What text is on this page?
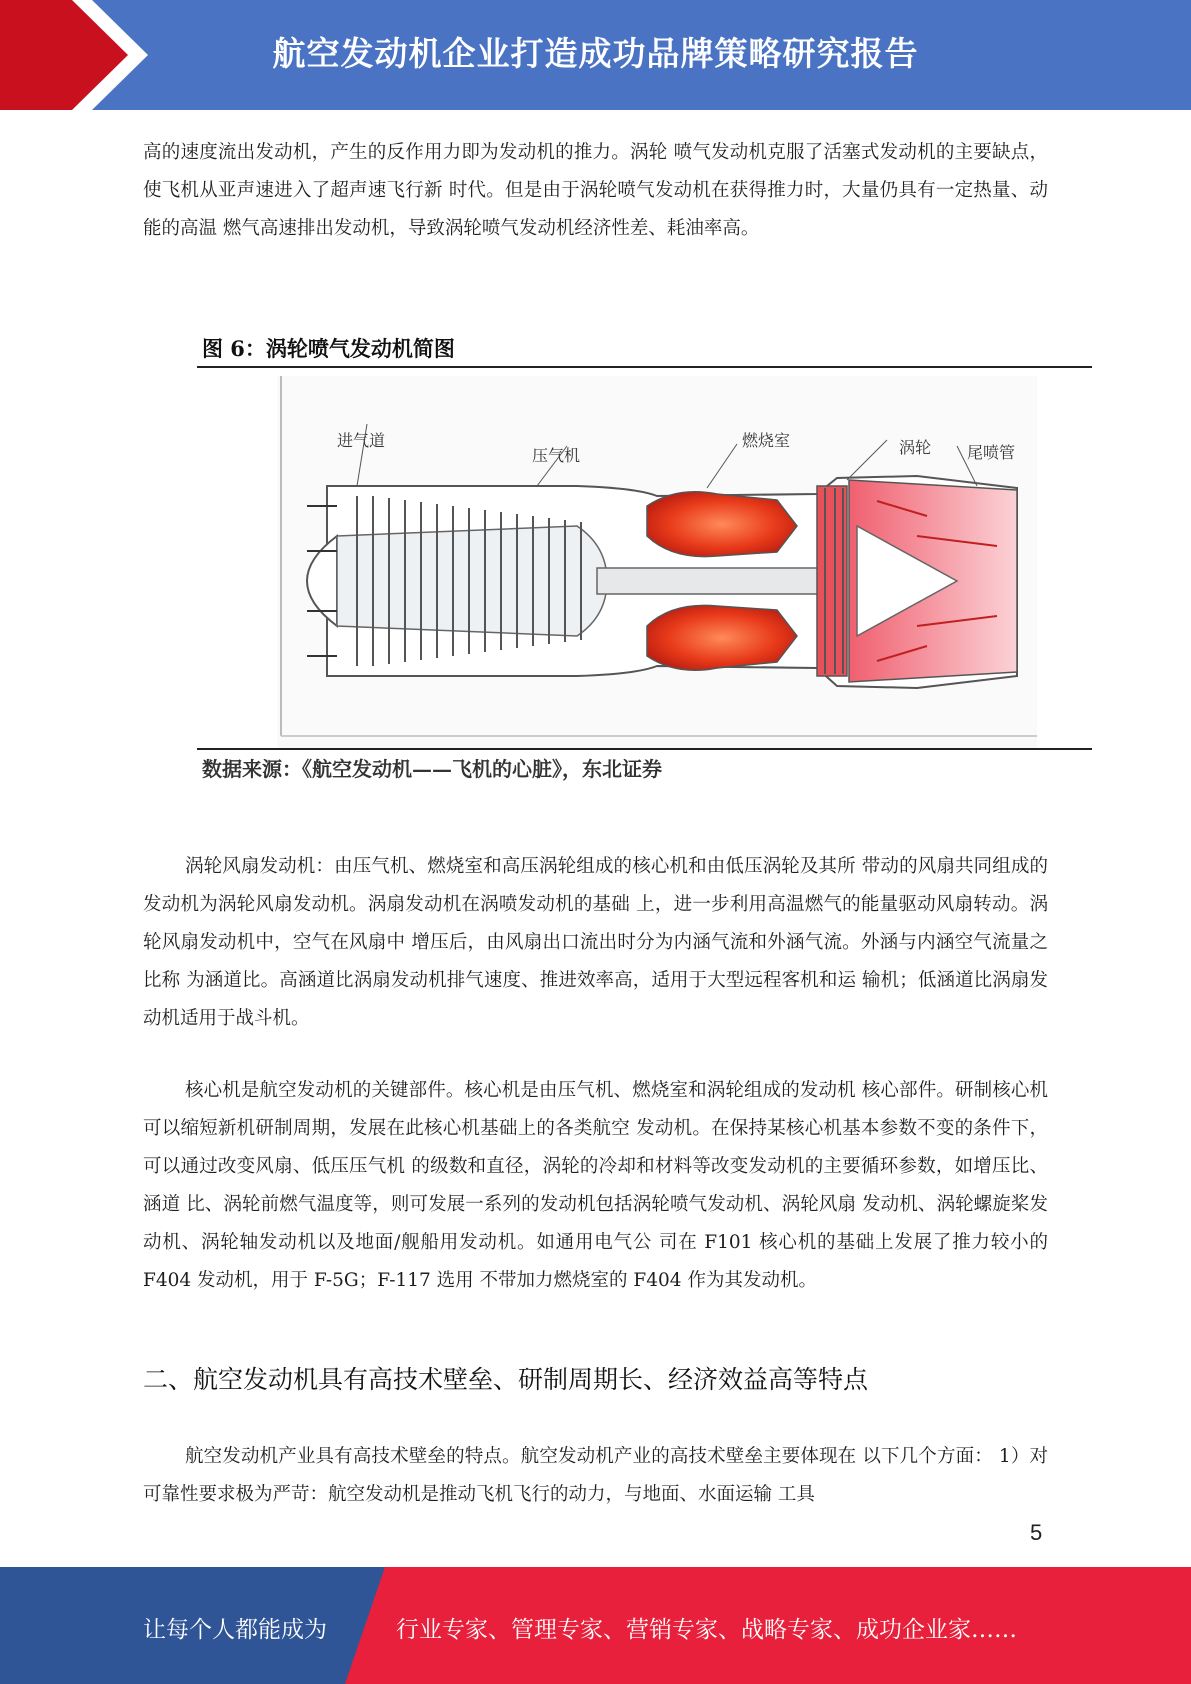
航空发动机企业打造成功品牌策略研究报告
高的速度流出发动机，产生的反作用力即为发动机的推力。涡轮 喷气发动机克服了活塞式发动机的主要缺点，使飞机从亚声速进入了超声速飞行新 时代。但是由于涡轮喷气发动机在获得推力时，大量仍具有一定热量、动能的高温 燃气高速排出发动机，导致涡轮喷气发动机经济性差、耗油率高。
图 6：涡轮喷气发动机简图
进气道
压气机
燃烧室	涡轮 尾喷管
数据来源：《航空发动机——飞机的心脏》，东北证券
涡轮风扇发动机：由压气机、燃烧室和高压涡轮组成的核心机和由低压涡轮及其所 带动的风扇共同组成的发动机为涡轮风扇发动机。涡扇发动机在涡喷发动机的基础 上，进一步利用高温燃气的能量驱动风扇转动。涡轮风扇发动机中，空气在风扇中 增压后，由风扇出口流出时分为内涵气流和外涵气流。外涵与内涵空气流量之比称 为涵道比。高涵道比涡扇发动机排气速度、推进效率高，适用于大型远程客机和运 输机；低涵道比涡扇发动机适用于战斗机。
核心机是航空发动机的关键部件。核心机是由压气机、燃烧室和涡轮组成的发动机 核心部件。研制核心机可以缩短新机研制周期，发展在此核心机基础上的各类航空 发动机。在保持某核心机基本参数不变的条件下，可以通过改变风扇、低压压气机 的级数和直径，涡轮的冷却和材料等改变发动机的主要循环参数，如增压比、涵道 比、涡轮前燃气温度等，则可发展一系列的发动机包括涡轮喷气发动机、涡轮风扇 发动机、涡轮螺旋桨发动机、涡轮轴发动机以及地面/舰船用发动机。如通用电气公 司在 F101 核心机的基础上发展了推力较小的 F404 发动机，用于 F-5G；F-117 选用 不带加力燃烧室的 F404 作为其发动机。
二、航空发动机具有高技术壁垒、研制周期长、经济效益高等特点
航空发动机产业具有高技术壁垒的特点。航空发动机产业的高技术壁垒主要体现在 以下几个方面： 1）对可靠性要求极为严苛：航空发动机是推动飞机飞行的动力，与地面、水面运输 工具
5
让每个人都能成为	行业专家、管理专家、营销专家、战略专家、成功企业家……
